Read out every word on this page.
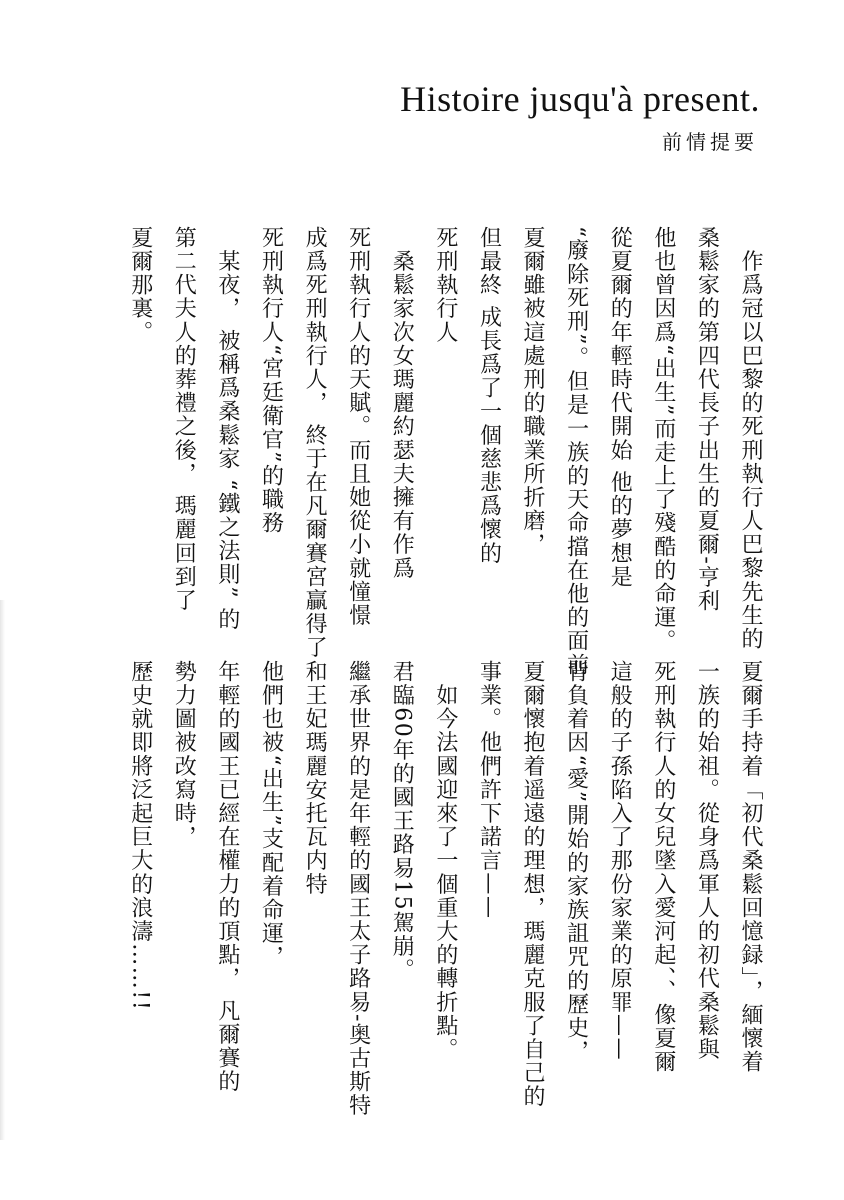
Histoire jusqu'à present.
前情提要
　作爲冠以巴黎的死刑執行人巴黎先生的
桑鬆家的第四代長子出生的夏爾-亨利
他也曾因爲“出生”而走上了殘酷的命運。
從夏爾的年輕時代開始 他的夢想是
“廢除死刑”。但是一族的天命擋在他的面前
夏爾雖被這處刑的職業所折磨，
但最終 成長爲了一個慈悲爲懷的
死刑執行人
　桑鬆家次女瑪麗約瑟夫擁有作爲
死刑執行人的天賦。而且她從小就憧憬
成爲死刑執行人， 終于在凡爾賽宮贏得了
死刑執行人“宮廷衛官”的職務
　某夜， 被稱爲桑鬆家 “鐵之法則” 的
第二代夫人的葬禮之後， 瑪麗回到了
夏爾那裏。
夏爾手持着「初代桑鬆回憶録」，緬懷着
一族的始祖。從身爲軍人的初代桑鬆與
死刑執行人的女兒墜入愛河起、、像夏爾
這般的子孫陷入了那份家業的原罪——
背負着因“愛”開始的家族詛咒的歷史，
夏爾懷抱着遥遠的理想，瑪麗克服了自己的
事業。他們許下諾言——
　如今法國迎來了一個重大的轉折點。
君臨60年的國王路易15駕崩。
繼承世界的是年輕的國王太子路易-奥古斯特
和王妃瑪麗安托瓦内特
他們也被“出生”支配着命運，
年輕的國王已經在權力的頂點， 凡爾賽的
勢力圖被改寫時，
歷史就即將泛起巨大的浪濤……!!
